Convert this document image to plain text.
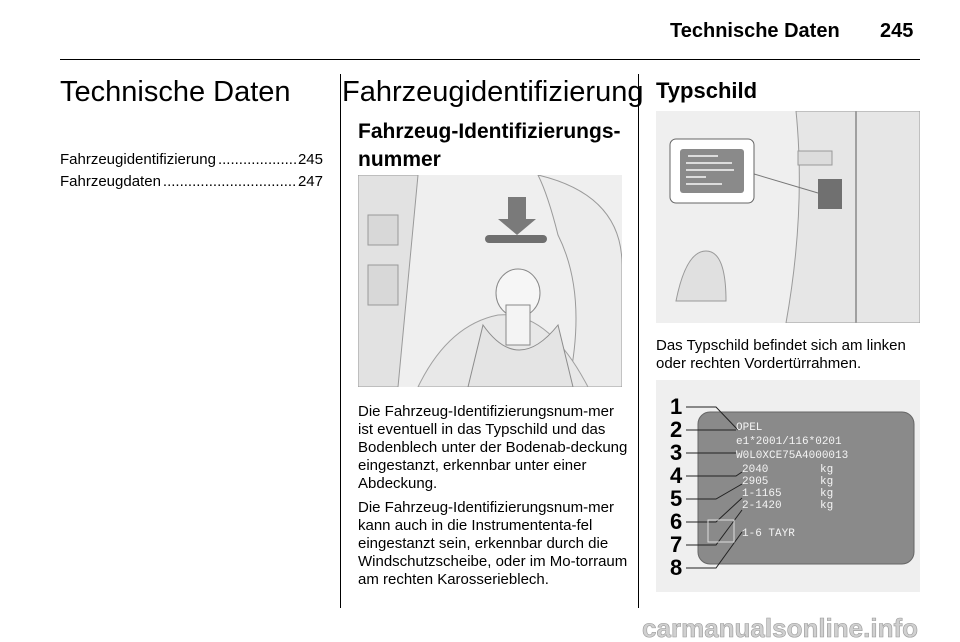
Technische Daten 245
Technische Daten
Fahrzeugidentifizierung .....	245
Fahrzeugdaten .....	247
Fahrzeugidentifizierung
Fahrzeug-Identifizierungs-nummer

Die Fahrzeug-Identifizierungsnum-mer ist eventuell in das Typschild und das Bodenblech unter der Bodenab-deckung eingestanzt, erkennbar unter einer Abdeckung.

Die Fahrzeug-Identifizierungsnum-mer kann auch in die Instrumententa-fel eingestanzt sein, erkennbar durch die Windschutzscheibe, oder im Mo-torraum am rechten Karosserieblech.

Typschild

Das Typschild befindet sich am linken oder rechten Vordertürrahmen.

1
2
3
4
5
6
7
8
OPEL
e1*2001/116*0201
W0L0XCE75A4000013
2040
2905
1-1165
2-1420
1-6 TAYR
kg
kg
kg
kg
carmanualsonline.info
